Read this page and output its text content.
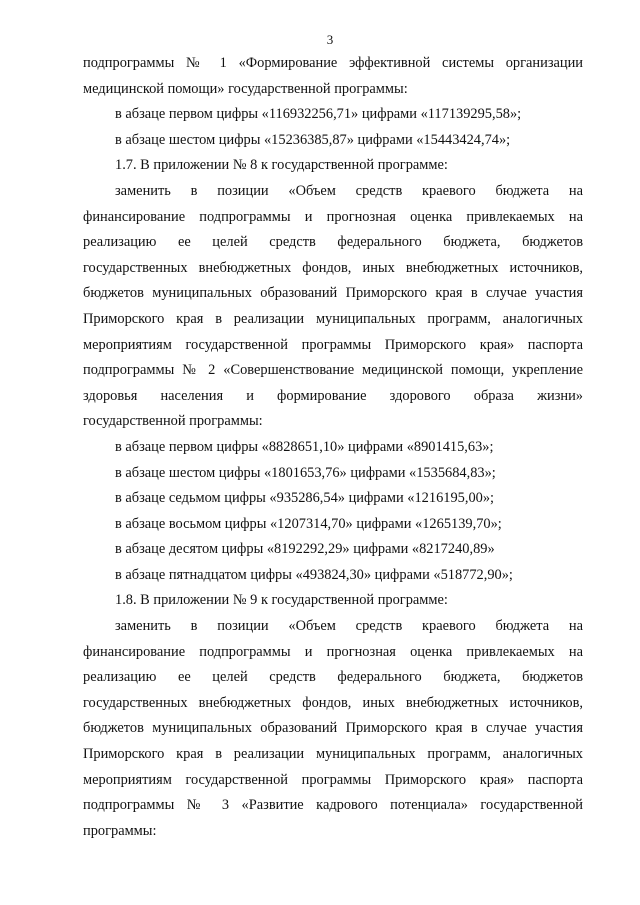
3

подпрограммы № 1 «Формирование эффективной системы организации

медицинской помощи» государственной программы:

в абзаце первом цифры «116932256,71» цифрами «117139295,58»;

в абзаце шестом цифры «15236385,87» цифрами «15443424,74»;

1.7. В приложении № 8 к государственной программе:

заменить в позиции «Объем средств краевого бюджета на

финансирование подпрограммы и прогнозная оценка привлекаемых на

реализацию ее целей средств федерального бюджета, бюджетов

государственных внебюджетных фондов, иных внебюджетных источников,

бюджетов муниципальных образований Приморского края в случае участия

Приморского края в реализации муниципальных программ, аналогичных

мероприятиям государственной программы Приморского края» паспорта

подпрограммы № 2 «Совершенствование медицинской помощи, укрепление

здоровья населения и формирование здорового образа жизни»

государственной программы:

в абзаце первом цифры «8828651,10» цифрами «8901415,63»;

в абзаце шестом цифры «1801653,76» цифрами «1535684,83»;

в абзаце седьмом цифры «935286,54» цифрами «1216195,00»;

в абзаце восьмом цифры «1207314,70» цифрами «1265139,70»;

в абзаце десятом цифры «8192292,29» цифрами «8217240,89»

в абзаце пятнадцатом цифры «493824,30» цифрами «518772,90»;

1.8. В приложении № 9 к государственной программе:

заменить в позиции «Объем средств краевого бюджета на

финансирование подпрограммы и прогнозная оценка привлекаемых на

реализацию ее целей средств федерального бюджета, бюджетов

государственных внебюджетных фондов, иных внебюджетных источников,

бюджетов муниципальных образований Приморского края в случае участия

Приморского края в реализации муниципальных программ, аналогичных

мероприятиям государственной программы Приморского края» паспорта

подпрограммы № 3 «Развитие кадрового потенциала» государственной

программы:
